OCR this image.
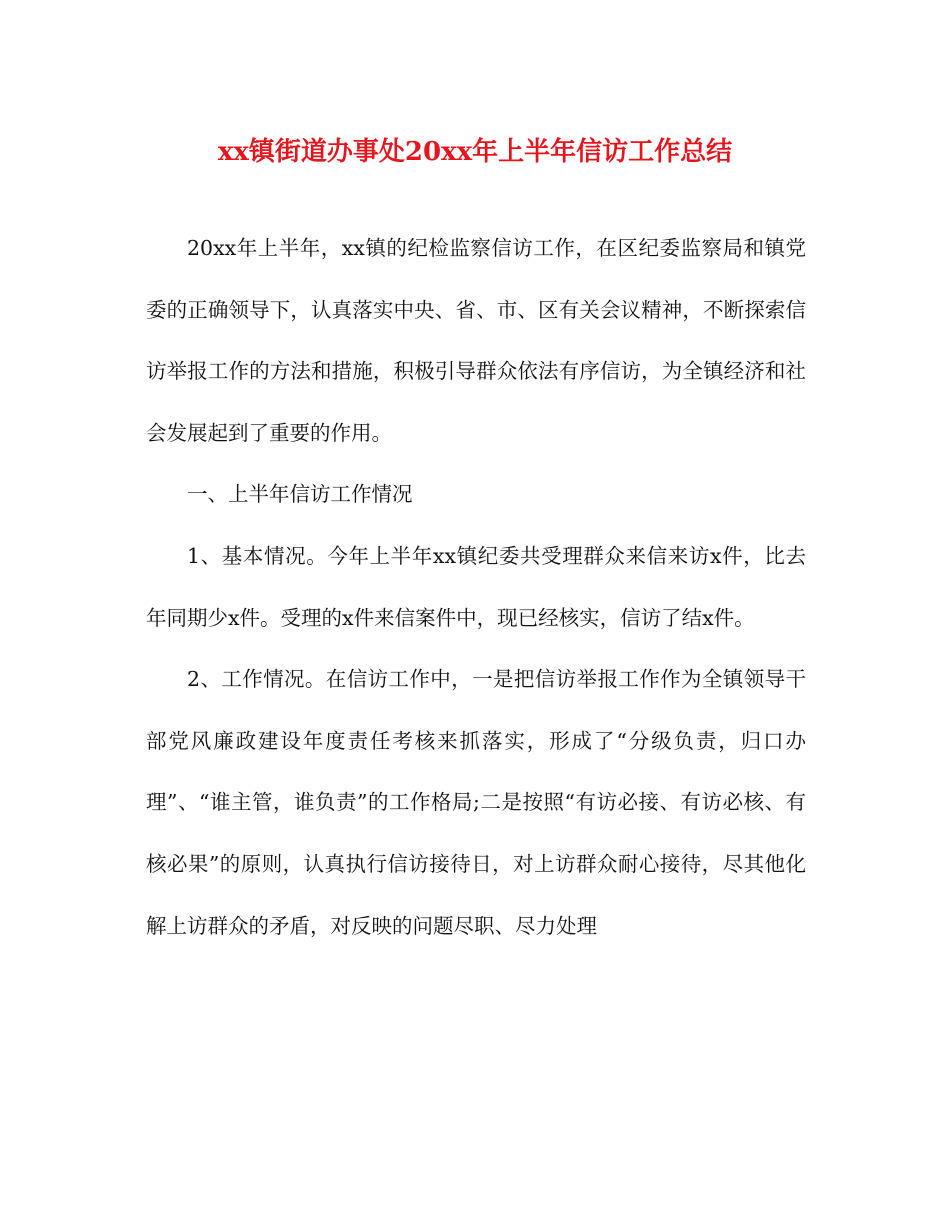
xx镇街道办事处20xx年上半年信访工作总结

20xx年上半年，xx镇的纪检监察信访工作，在区纪委监察局和镇党委的正确领导下，认真落实中央、省、市、区有关会议精神，不断探索信访举报工作的方法和措施，积极引导群众依法有序信访，为全镇经济和社会发展起到了重要的作用。

一、上半年信访工作情况

1、基本情况。今年上半年xx镇纪委共受理群众来信来访x件，比去年同期少x件。受理的x件来信案件中，现已经核实，信访了结x件。

2、工作情况。在信访工作中，一是把信访举报工作作为全镇领导干部党风廉政建设年度责任考核来抓落实，形成了“分级负责，归口办理”、“谁主管，谁负责”的工作格局;二是按照“有访必接、有访必核、有核必果”的原则，认真执行信访接待日，对上访群众耐心接待，尽其他化解上访群众的矛盾，对反映的问题尽职、尽力处理
